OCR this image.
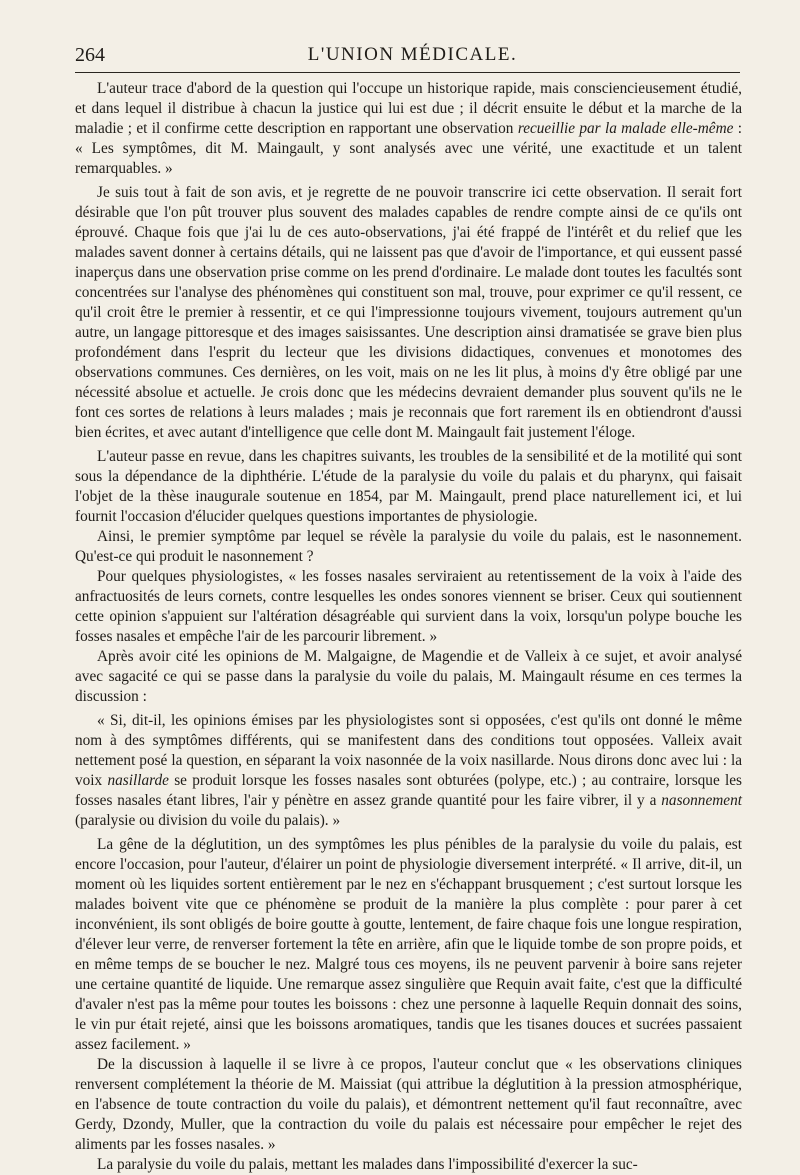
264	L'UNION MÉDICALE.

L'auteur trace d'abord de la question qui l'occupe un historique rapide, mais consciencieusement étudié, et dans lequel il distribue à chacun la justice qui lui est due ; il décrit ensuite le début et la marche de la maladie ; et il confirme cette description en rapportant une observation recueillie par la malade elle-même : « Les symptômes, dit M. Maingault, y sont analysés avec une vérité, une exactitude et un talent remarquables. »

Je suis tout à fait de son avis, et je regrette de ne pouvoir transcrire ici cette observation. Il serait fort désirable que l'on pût trouver plus souvent des malades capables de rendre compte ainsi de ce qu'ils ont éprouvé. Chaque fois que j'ai lu de ces auto-observations, j'ai été frappé de l'intérêt et du relief que les malades savent donner à certains détails, qui ne laissent pas que d'avoir de l'importance, et qui eussent passé inaperçus dans une observation prise comme on les prend d'ordinaire. Le malade dont toutes les facultés sont concentrées sur l'analyse des phénomènes qui constituent son mal, trouve, pour exprimer ce qu'il ressent, ce qu'il croit être le premier à ressentir, et ce qui l'impressionne toujours vivement, toujours autrement qu'un autre, un langage pittoresque et des images saisissantes. Une description ainsi dramatisée se grave bien plus profondément dans l'esprit du lecteur que les divisions didactiques, convenues et monotomes des observations communes. Ces dernières, on les voit, mais on ne les lit plus, à moins d'y être obligé par une nécessité absolue et actuelle. Je crois donc que les médecins devraient demander plus souvent qu'ils ne le font ces sortes de relations à leurs malades ; mais je reconnais que fort rarement ils en obtiendront d'aussi bien écrites, et avec autant d'intelligence que celle dont M. Maingault fait justement l'éloge.

L'auteur passe en revue, dans les chapitres suivants, les troubles de la sensibilité et de la motilité qui sont sous la dépendance de la diphthérie. L'étude de la paralysie du voile du palais et du pharynx, qui faisait l'objet de la thèse inaugurale soutenue en 1854, par M. Maingault, prend place naturellement ici, et lui fournit l'occasion d'élucider quelques questions importantes de physiologie.

Ainsi, le premier symptôme par lequel se révèle la paralysie du voile du palais, est le nasonnement. Qu'est-ce qui produit le nasonnement ?

Pour quelques physiologistes, « les fosses nasales serviraient au retentissement de la voix à l'aide des anfractuosités de leurs cornets, contre lesquelles les ondes sonores viennent se briser. Ceux qui soutiennent cette opinion s'appuient sur l'altération désagréable qui survient dans la voix, lorsqu'un polype bouche les fosses nasales et empêche l'air de les parcourir librement. »

Après avoir cité les opinions de M. Malgaigne, de Magendie et de Valleix à ce sujet, et avoir analysé avec sagacité ce qui se passe dans la paralysie du voile du palais, M. Maingault résume en ces termes la discussion :

« Si, dit-il, les opinions émises par les physiologistes sont si opposées, c'est qu'ils ont donné le même nom à des symptômes différents, qui se manifestent dans des conditions tout opposées. Valleix avait nettement posé la question, en séparant la voix nasonnée de la voix nasillarde. Nous dirons donc avec lui : la voix nasillarde se produit lorsque les fosses nasales sont obturées (polype, etc.) ; au contraire, lorsque les fosses nasales étant libres, l'air y pénètre en assez grande quantité pour les faire vibrer, il y a nasonnement (paralysie ou division du voile du palais). »

La gêne de la déglutition, un des symptômes les plus pénibles de la paralysie du voile du palais, est encore l'occasion, pour l'auteur, d'élairer un point de physiologie diversement interprété. « Il arrive, dit-il, un moment où les liquides sortent entièrement par le nez en s'échappant brusquement ; c'est surtout lorsque les malades boivent vite que ce phénomène se produit de la manière la plus complète : pour parer à cet inconvénient, ils sont obligés de boire goutte à goutte, lentement, de faire chaque fois une longue respiration, d'élever leur verre, de renverser fortement la tête en arrière, afin que le liquide tombe de son propre poids, et en même temps de se boucher le nez. Malgré tous ces moyens, ils ne peuvent parvenir à boire sans rejeter une certaine quantité de liquide. Une remarque assez singulière que Requin avait faite, c'est que la difficulté d'avaler n'est pas la même pour toutes les boissons : chez une personne à laquelle Requin donnait des soins, le vin pur était rejeté, ainsi que les boissons aromatiques, tandis que les tisanes douces et sucrées passaient assez facilement. »

De la discussion à laquelle il se livre à ce propos, l'auteur conclut que « les observations cliniques renversent complétement la théorie de M. Maissiat (qui attribue la déglutition à la pression atmosphérique, en l'absence de toute contraction du voile du palais), et démontrent nettement qu'il faut reconnaître, avec Gerdy, Dzondy, Muller, que la contraction du voile du palais est nécessaire pour empêcher le rejet des aliments par les fosses nasales. »

La paralysie du voile du palais, mettant les malades dans l'impossibilité d'exercer la suc-
